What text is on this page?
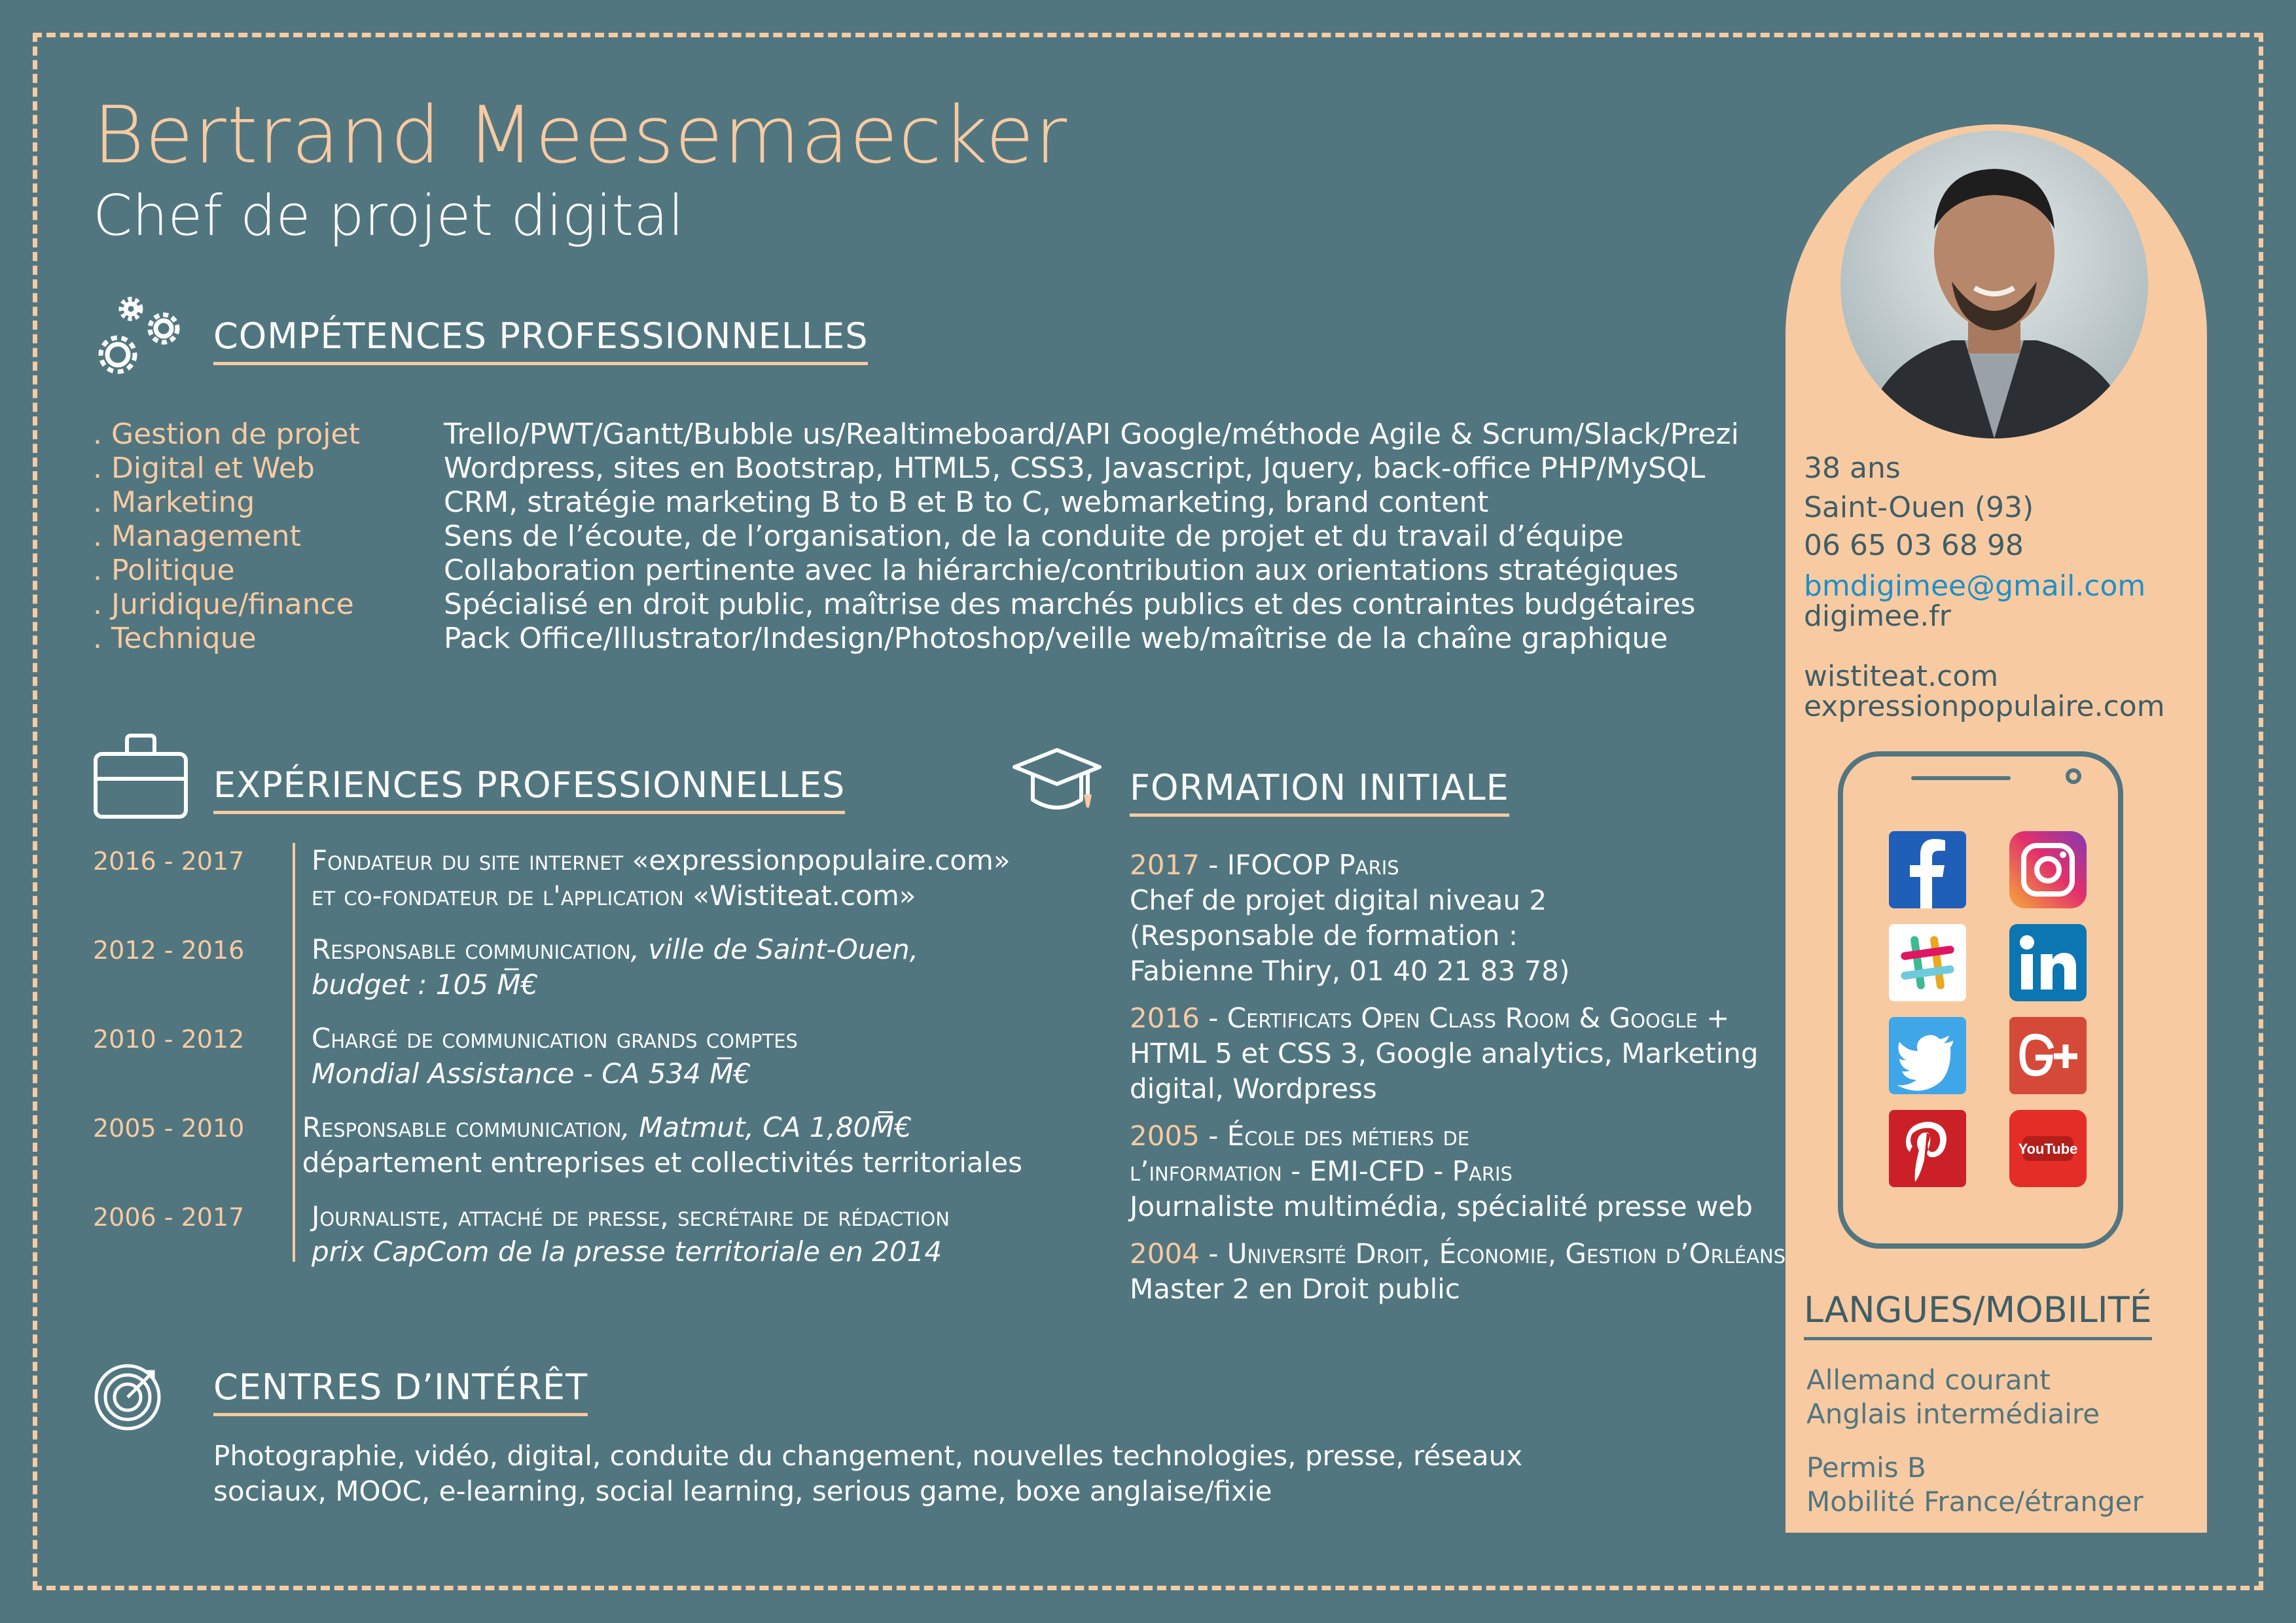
Bertrand Meesemaecker
Chef de projet digital
COMPÉTENCES PROFESSIONNELLES
. Gestion de projet	Trello/PWT/Gantt/Bubble us/Realtimeboard/API Google/méthode Agile & Scrum/Slack/Prezi
. Digital et Web	Wordpress, sites en Bootstrap, HTML5, CSS3, Javascript, Jquery, back-office PHP/MySQL
. Marketing	CRM, stratégie marketing B to B et B to C, webmarketing, brand content
. Management	Sens de l’écoute, de l’organisation, de la conduite de projet et du travail d’équipe
. Politique	Collaboration pertinente avec la hiérarchie/contribution aux orientations stratégiques
. Juridique/finance	Spécialisé en droit public, maîtrise des marchés publics et des contraintes budgétaires
. Technique	Pack Office/Illustrator/Indesign/Photoshop/veille web/maîtrise de la chaîne graphique
EXPÉRIENCES PROFESSIONNELLES
2016 - 2017	Fondateur du site internet «expressionpopulaire.com»
et co-fondateur de l'application «Wistiteat.com»
2012 - 2016	Responsable communication, ville de Saint-Ouen,
budget : 105 M̅€
2010 - 2012	Chargé de communication grands comptes
Mondial Assistance - CA 534 M̅€
2005 - 2010	Responsable communication, Matmut, CA 1,80M̿€
département entreprises et collectivités territoriales
2006 - 2017	Journaliste, attaché de presse, secrétaire de rédaction
prix CapCom de la presse territoriale en 2014
FORMATION INITIALE
2017 - IFOCOP Paris
Chef de projet digital niveau 2
(Responsable de formation :
Fabienne Thiry, 01 40 21 83 78)
2016 - Certificats Open Class Room & Google +
HTML 5 et CSS 3, Google analytics, Marketing
digital, Wordpress
2005 - École des métiers de
l’information - EMI-CFD - Paris
Journaliste multimédia, spécialité presse web
2004 - Université Droit, Économie, Gestion d’Orléans
Master 2 en Droit public
CENTRES D’INTÉRÊT
Photographie, vidéo, digital, conduite du changement, nouvelles technologies, presse, réseaux sociaux, MOOC, e-learning, social learning, serious game, boxe anglaise/fixie
38 ans
Saint-Ouen (93)
06 65 03 68 98
bmdigimee@gmail.com
digimee.fr
wistiteat.com
expressionpopulaire.com
YouTube
LANGUES/MOBILITÉ
Allemand courant
Anglais intermédiaire
Permis B
Mobilité France/étranger
